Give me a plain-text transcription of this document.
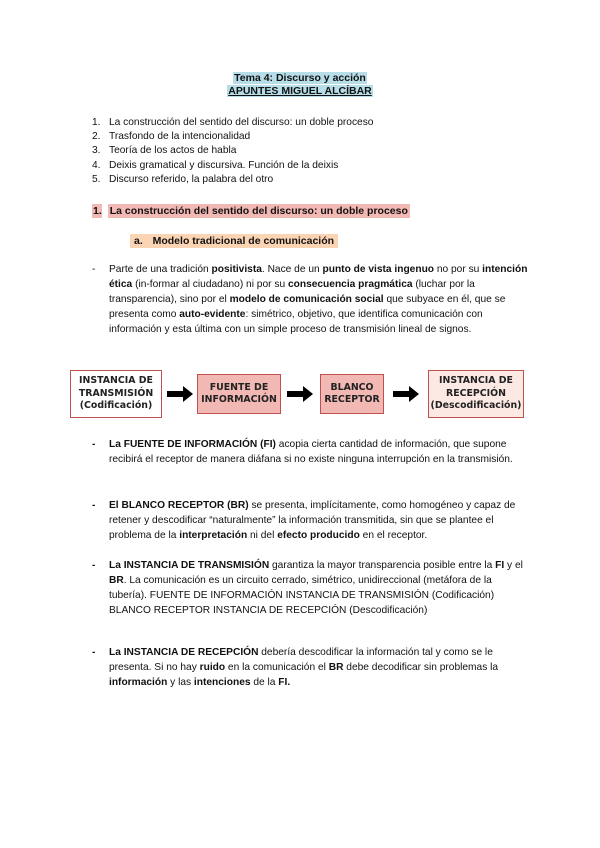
Tema 4: Discurso y acción
APUNTES MIGUEL ALCÍBAR
1. La construcción del sentido del discurso: un doble proceso
2. Trasfondo de la intencionalidad
3. Teoría de los actos de habla
4. Deixis gramatical y discursiva. Función de la deixis
5. Discurso referido, la palabra del otro
1. La construcción del sentido del discurso: un doble proceso
a. Modelo tradicional de comunicación
-	Parte de una tradición positivista. Nace de un punto de vista ingenuo no por su intención ética (in-formar al ciudadano) ni por su consecuencia pragmática (luchar por la transparencia), sino por el modelo de comunicación social que subyace en él, que se presenta como auto-evidente: simétrico, objetivo, que identifica comunicación con información y esta última con un simple proceso de transmisión lineal de signos.
INSTANCIA DE
TRANSMISIÓN
(Codificación)
FUENTE DE
INFORMACIÓN
BLANCO
RECEPTOR
INSTANCIA DE
RECEPCIÓN
(Descodificación)
-	La FUENTE DE INFORMACIÓN (FI) acopia cierta cantidad de información, que supone recibirá el receptor de manera diáfana si no existe ninguna interrupción en la transmisión.
-	El BLANCO RECEPTOR (BR) se presenta, implícitamente, como homogéneo y capaz de retener y descodificar “naturalmente” la información transmitida, sin que se plantee el problema de la interpretación ni del efecto producido en el receptor.
-	La INSTANCIA DE TRANSMISIÓN garantiza la mayor transparencia posible entre la FI y el BR. La comunicación es un circuito cerrado, simétrico, unidireccional (metáfora de la tubería). FUENTE DE INFORMACIÓN INSTANCIA DE TRANSMISIÓN (Codificación) BLANCO RECEPTOR INSTANCIA DE RECEPCIÓN (Descodificación)
-	La INSTANCIA DE RECEPCIÓN debería descodificar la información tal y como se le presenta. Si no hay ruido en la comunicación el BR debe decodificar sin problemas la información y las intenciones de la FI.
